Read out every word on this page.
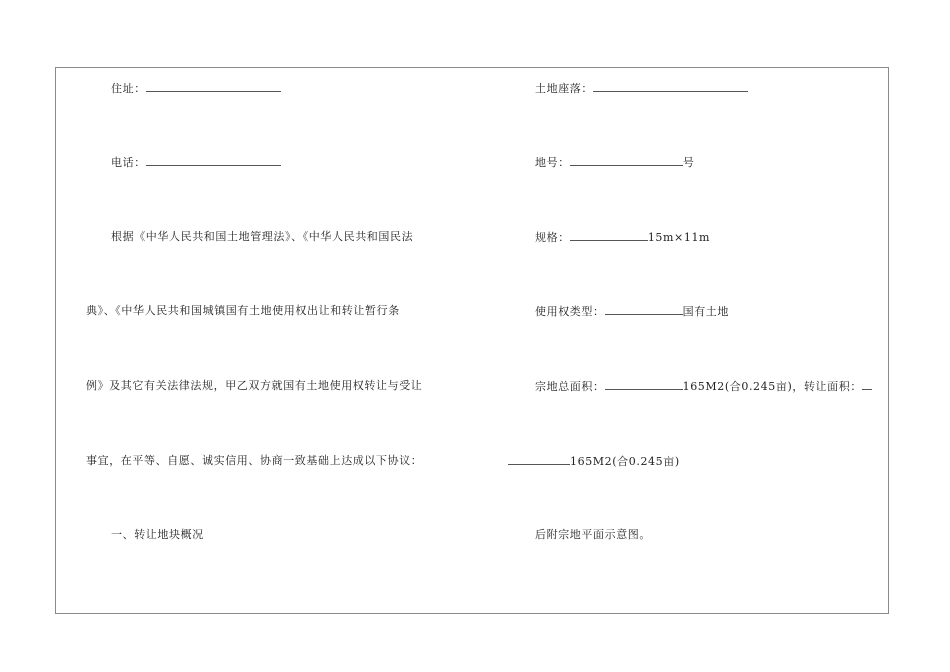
住址：
电话：
根据《中华人民共和国土地管理法》、《中华人民共和国民法
典》、《中华人民共和国城镇国有土地使用权出让和转让暂行条
例》及其它有关法律法规，甲乙双方就国有土地使用权转让与受让
事宜，在平等、自愿、诚实信用、协商一致基础上达成以下协议：
一、转让地块概况
土地座落：
地号：	号
规格：	15m×11m
使用权类型：	国有土地
宗地总面积：	165M2(合0.245亩)，转让面积：
165M2(合0.245亩)
后附宗地平面示意图。
